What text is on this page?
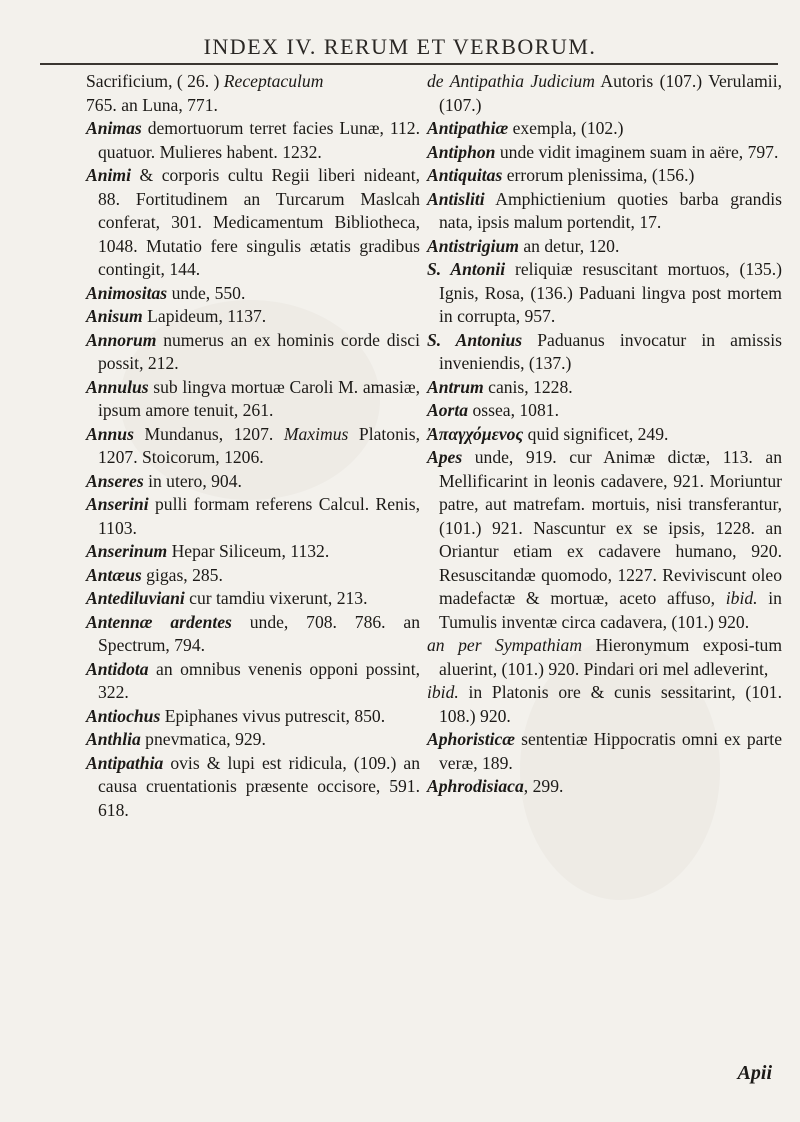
INDEX IV. RERUM ET VERBORUM.

Sacrificium, ( 26. ) Receptaculum

765. an Luna, 771.

Animas demortuorum terret facies Lunæ, 112. quatuor. Mulieres habent. 1232.

Animi & corporis cultu Regii liberi nideant, 88. Fortitudinem an Turcarum Maslcah conferat, 301. Medicamentum Bibliotheca, 1048. Mutatio fere singulis ætatis gradibus contingit, 144.

Animositas unde, 550.

Anisum Lapideum, 1137.

Annorum numerus an ex hominis corde disci possit, 212.

Annulus sub lingva mortuæ Caroli M. amasiæ, ipsum amore tenuit, 261.

Annus Mundanus, 1207. Maximus Platonis, 1207. Stoicorum, 1206.

Anseres in utero, 904.

Anserini pulli formam referens Calcul. Renis, 1103.

Anserinum Hepar Siliceum, 1132.

Antæus gigas, 285.

Antediluviani cur tamdiu vixerunt, 213.

Antennæ ardentes unde, 708. 786. an Spectrum, 794.

Antidota an omnibus venenis opponi possint, 322.

Antiochus Epiphanes vivus putrescit, 850.

Anthlia pnevmatica, 929.

Antipathia ovis & lupi est ridicula, (109.) an causa cruentationis præsente occisore, 591. 618.

de Antipathia Judicium Autoris (107.) Verulamii, (107.)

Antipathiæ exempla, (102.)

Antiphon unde vidit imaginem suam in aëre, 797.

Antiquitas errorum plenissima, (156.)

Antisliti Amphictienium quoties barba grandis nata, ipsis malum portendit, 17.

Antistrigium an detur, 120.

S. Antonii reliquiæ resuscitant mortuos, (135.) Ignis, Rosa, (136.) Paduani lingva post mortem in corrupta, 957.

S. Antonius Paduanus invocatur in amissis inveniendis, (137.)

Antrum canis, 1228.

Aorta ossea, 1081.

Ἀπαγχόμενος quid significet, 249.

Apes unde, 919. cur Animæ dictæ, 113. an Mellificarint in leonis cadavere, 921. Moriuntur patre, aut matrefam. mortuis, nisi transferantur, (101.) 921. Nascuntur ex se ipsis, 1228. an Oriantur etiam ex cadavere humano, 920. Resuscitandæ quomodo, 1227. Reviviscunt oleo madefactæ & mortuæ, aceto affuso, ibid. in Tumulis inventæ circa cadavera, (101.) 920.

an per Sympathiam Hieronymum exposi-tum aluerint, (101.) 920. Pindari ori mel adleverint,

ibid. in Platonis ore & cunis sessitarint, (101. 108.) 920.

Aphoristicæ sententiæ Hippocratis omni ex parte veræ, 189.

Aphrodisiaca, 299.

Apii
